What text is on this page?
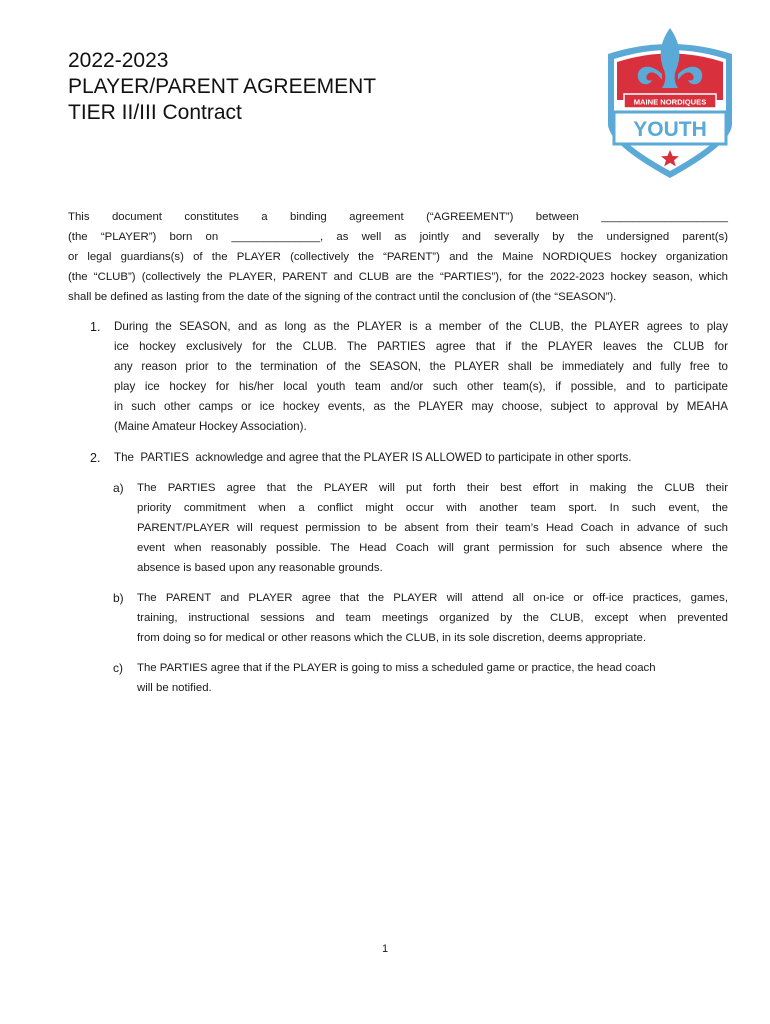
2022-2023
PLAYER/PARENT AGREEMENT
TIER II/III Contract	MAINE NORDIQUES
YOUTH
This document constitutes a binding agreement (“AGREEMENT”) between ____________________
(the “PLAYER”) born on ______________, as well as jointly and severally by the undersigned parent(s)
or legal guardians(s) of the PLAYER (collectively the “PARENT”) and the Maine NORDIQUES hockey organization
(the “CLUB”) (collectively the PLAYER, PARENT and CLUB are the “PARTIES”), for the 2022-2023 hockey season, which
shall be defined as lasting from the date of the signing of the contract until the conclusion of (the “SEASON”).
1. During the SEASON, and as long as the PLAYER is a member of the CLUB, the PLAYER agrees to play
ice hockey exclusively for the CLUB. The PARTIES agree that if the PLAYER leaves the CLUB for
any reason prior to the termination of the SEASON, the PLAYER shall be immediately and fully free to
play ice hockey for his/her local youth team and/or such other team(s), if possible, and to participate
in such other camps or ice hockey events, as the PLAYER may choose, subject to approval by MEAHA
(Maine Amateur Hockey Association).
2. The  PARTIES  acknowledge and agree that the PLAYER IS ALLOWED to participate in other sports.
a) The PARTIES agree that the PLAYER will put forth their best effort in making the CLUB their
priority commitment when a conflict might occur with another team sport. In such event, the
PARENT/PLAYER will request permission to be absent from their team’s Head Coach in advance of such
event when reasonably possible. The Head Coach will grant permission for such absence where the
absence is based upon any reasonable grounds.
b) The PARENT and PLAYER agree that the PLAYER will attend all on-ice or off-ice practices, games,
training, instructional sessions and team meetings organized by the CLUB, except when prevented
from doing so for medical or other reasons which the CLUB, in its sole discretion, deems appropriate.
c) The PARTIES agree that if the PLAYER is going to miss a scheduled game or practice, the head coach
will be notified.
1
